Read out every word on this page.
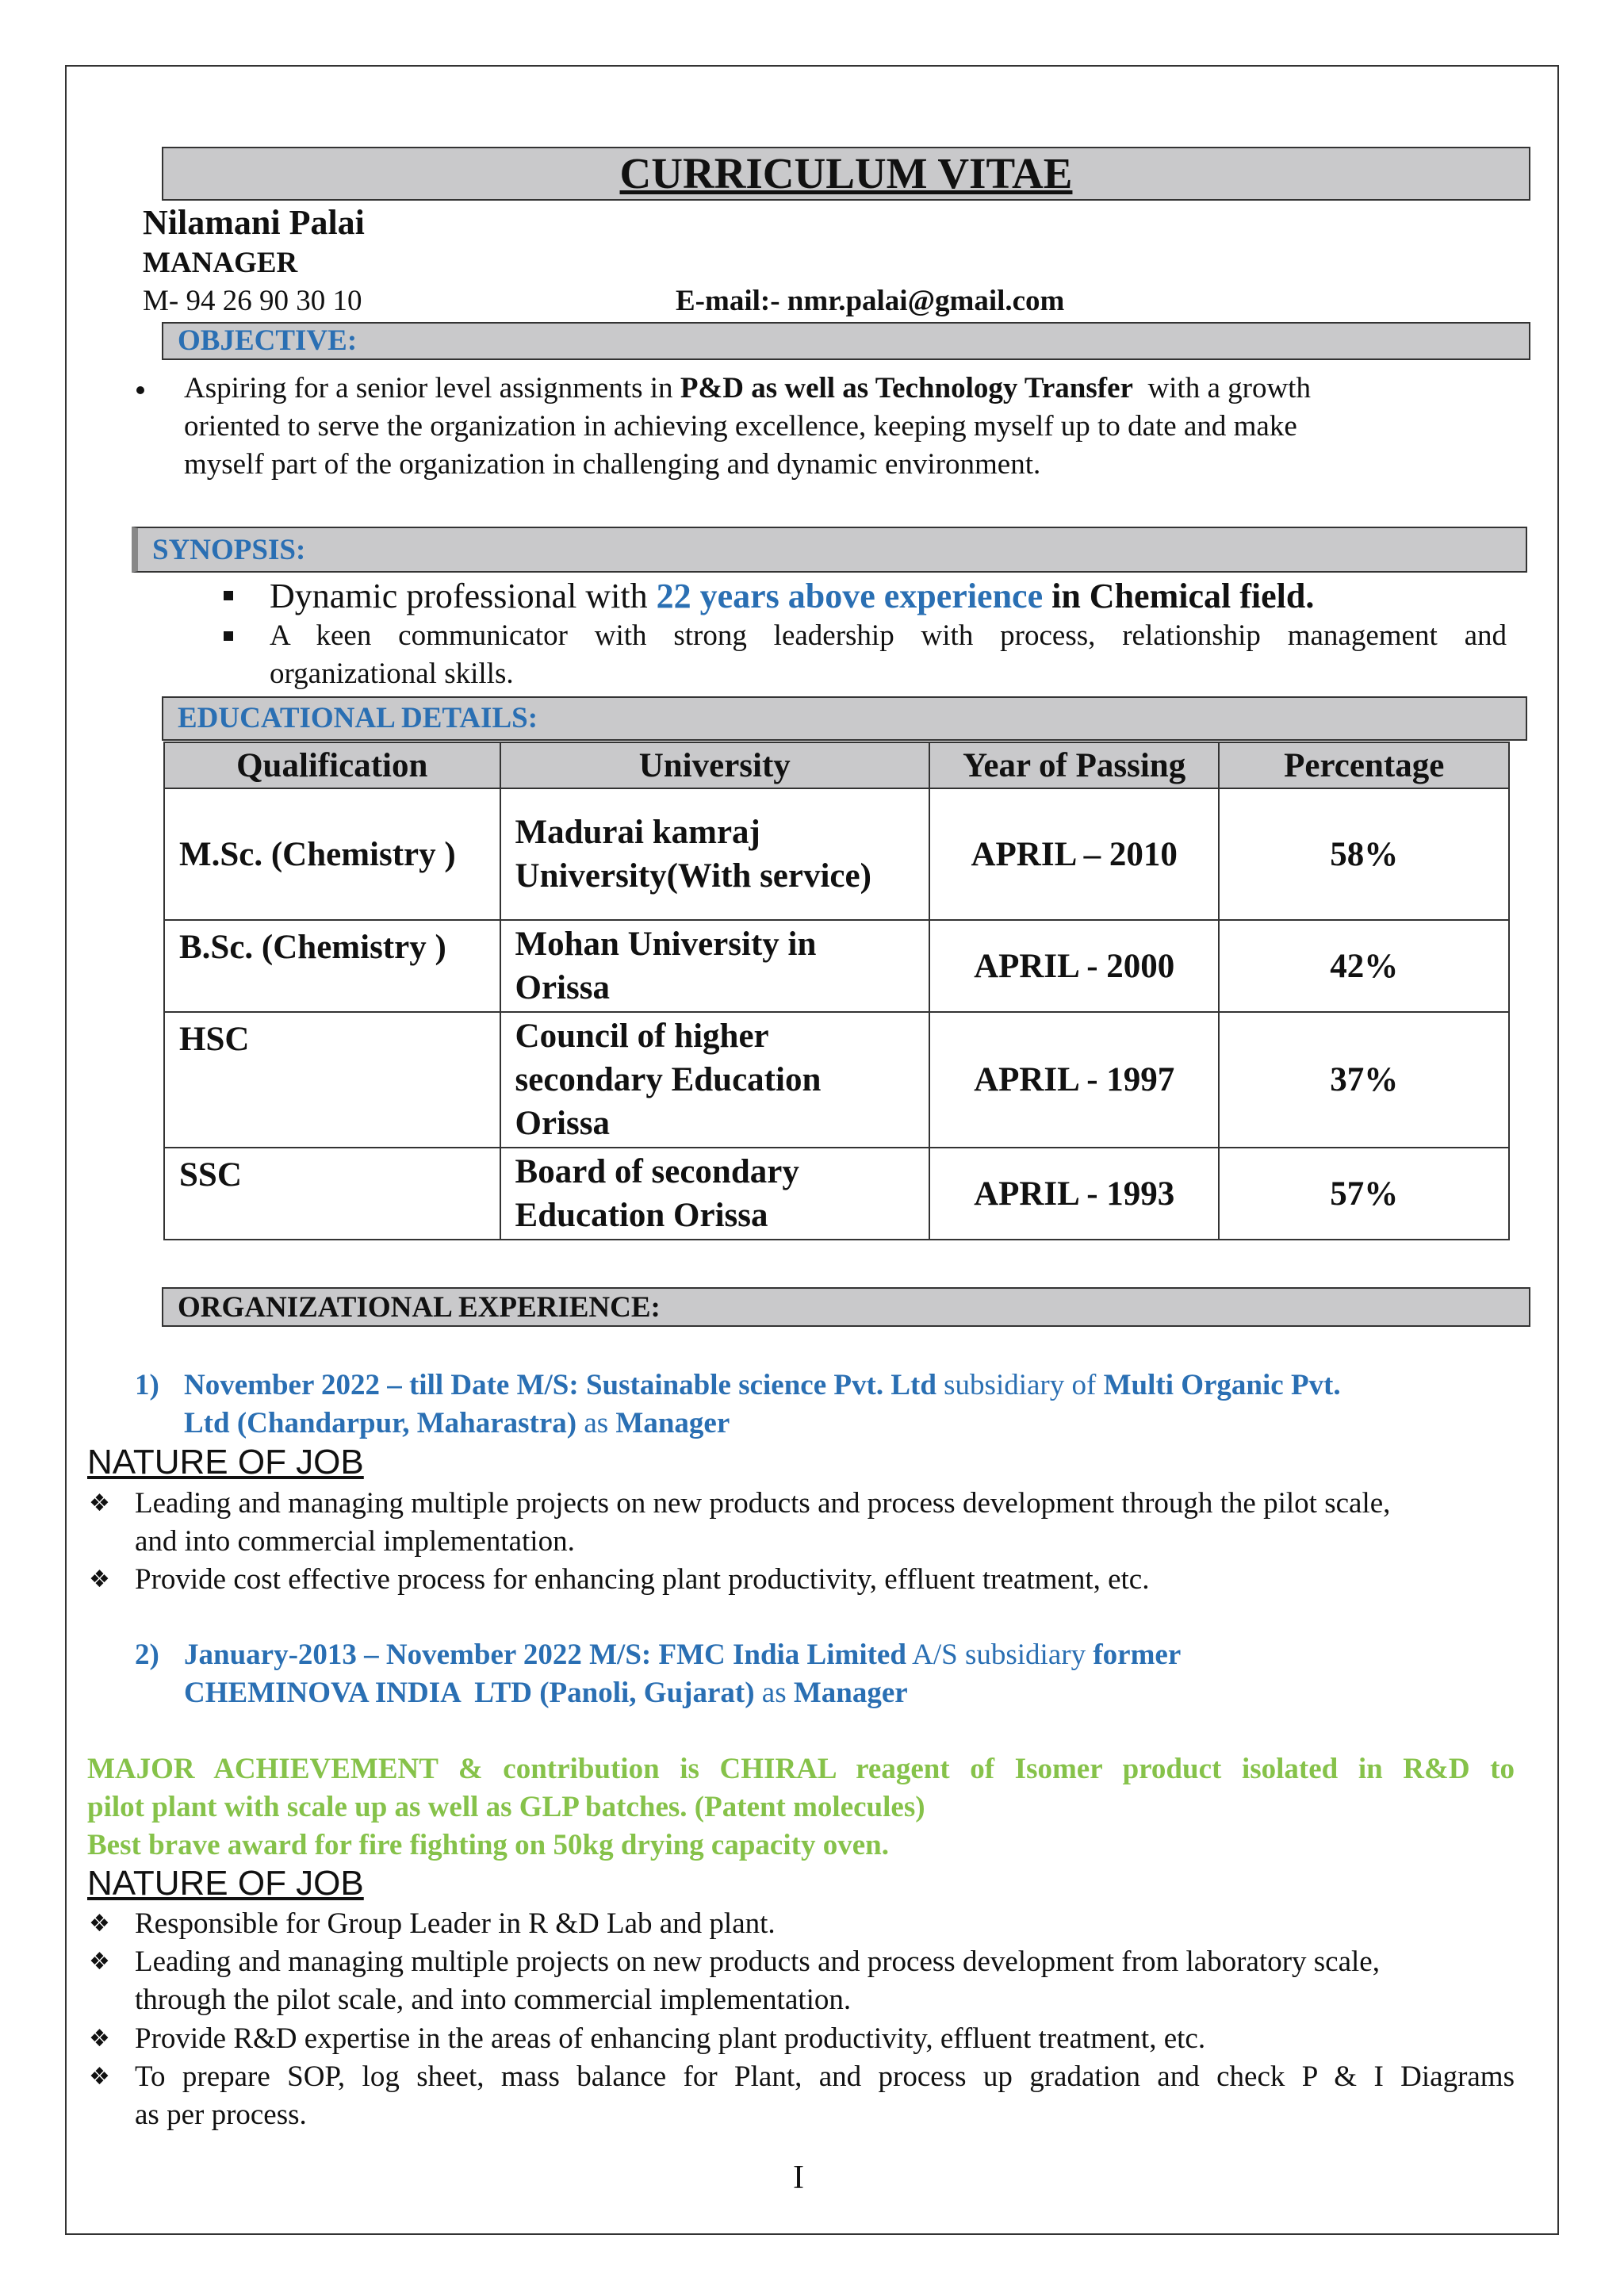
CURRICULUM VITAE
Nilamani Palai
MANAGER
M- 94 26 90 30 10	E-mail:- nmr.palai@gmail.com
OBJECTIVE:
Aspiring for a senior level assignments in P&D as well as Technology Transfer  with a growth
oriented to serve the organization in achieving excellence, keeping myself up to date and make
myself part of the organization in challenging and dynamic environment.
SYNOPSIS:
Dynamic professional with 22 years above experience in Chemical field.
A keen communicator with strong leadership with process, relationship management and
organizational skills.
EDUCATIONAL DETAILS:
Qualification	University	Year of Passing	Percentage
M.Sc. (Chemistry )	Madurai kamraj University(With service)	APRIL – 2010	58%
B.Sc. (Chemistry )	Mohan University in Orissa	APRIL - 2000	42%
HSC	Council of higher secondary Education Orissa	APRIL - 1997	37%
SSC	Board of secondary Education Orissa	APRIL - 1993	57%
ORGANIZATIONAL EXPERIENCE:
1) November 2022 – till Date M/S: Sustainable science Pvt. Ltd subsidiary of Multi Organic Pvt.
Ltd (Chandarpur, Maharastra) as Manager
NATURE OF JOB
❖ Leading and managing multiple projects on new products and process development through the pilot scale,
and into commercial implementation.
❖ Provide cost effective process for enhancing plant productivity, effluent treatment, etc.
2) January-2013 – November 2022 M/S: FMC India Limited A/S subsidiary former
CHEMINOVA INDIA  LTD (Panoli, Gujarat) as Manager
MAJOR ACHIEVEMENT & contribution is CHIRAL reagent of Isomer product isolated in R&D to
pilot plant with scale up as well as GLP batches. (Patent molecules)
Best brave award for fire fighting on 50kg drying capacity oven.
NATURE OF JOB
❖ Responsible for Group Leader in R &D Lab and plant.
❖ Leading and managing multiple projects on new products and process development from laboratory scale,
through the pilot scale, and into commercial implementation.
❖ Provide R&D expertise in the areas of enhancing plant productivity, effluent treatment, etc.
❖ To prepare SOP, log sheet, mass balance for Plant, and process up gradation and check P & I Diagrams
as per process.
I
